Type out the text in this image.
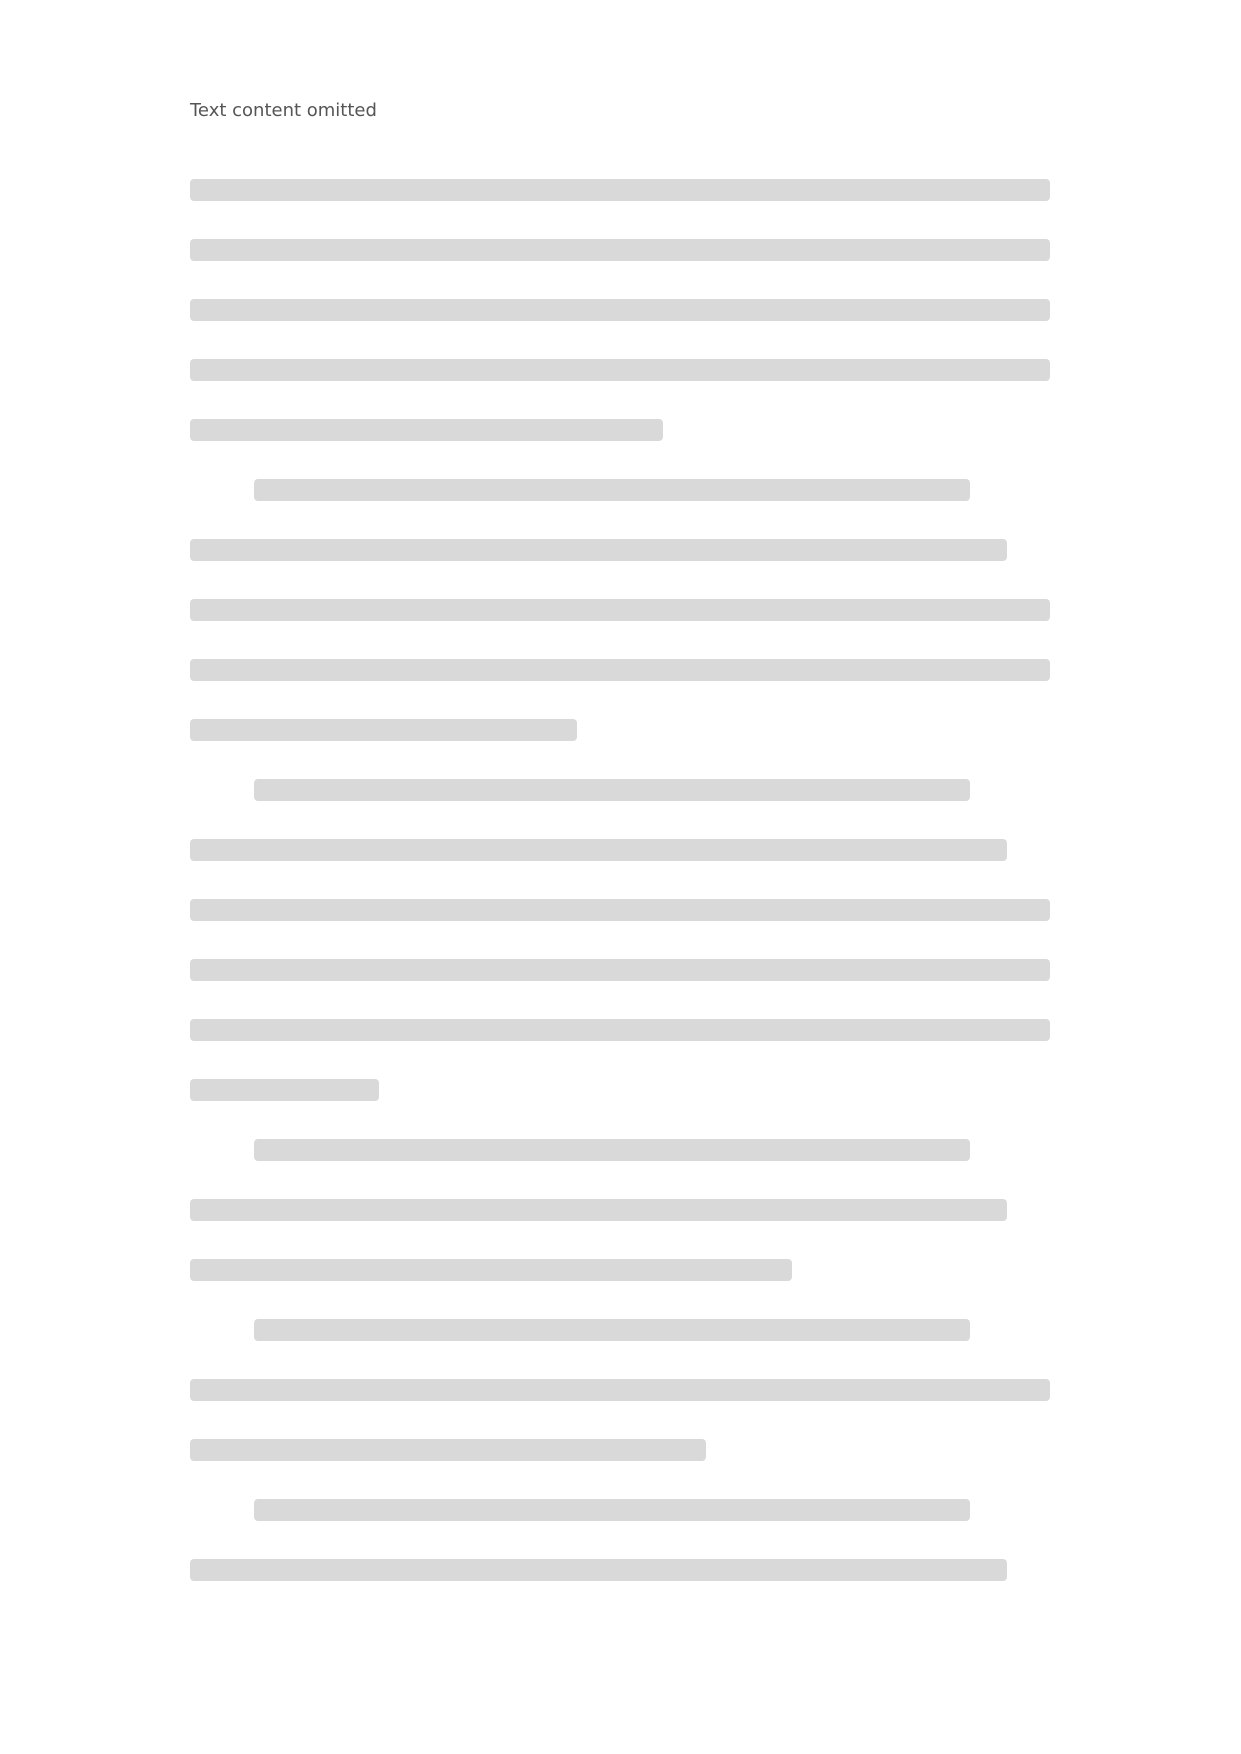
Text content omitted
